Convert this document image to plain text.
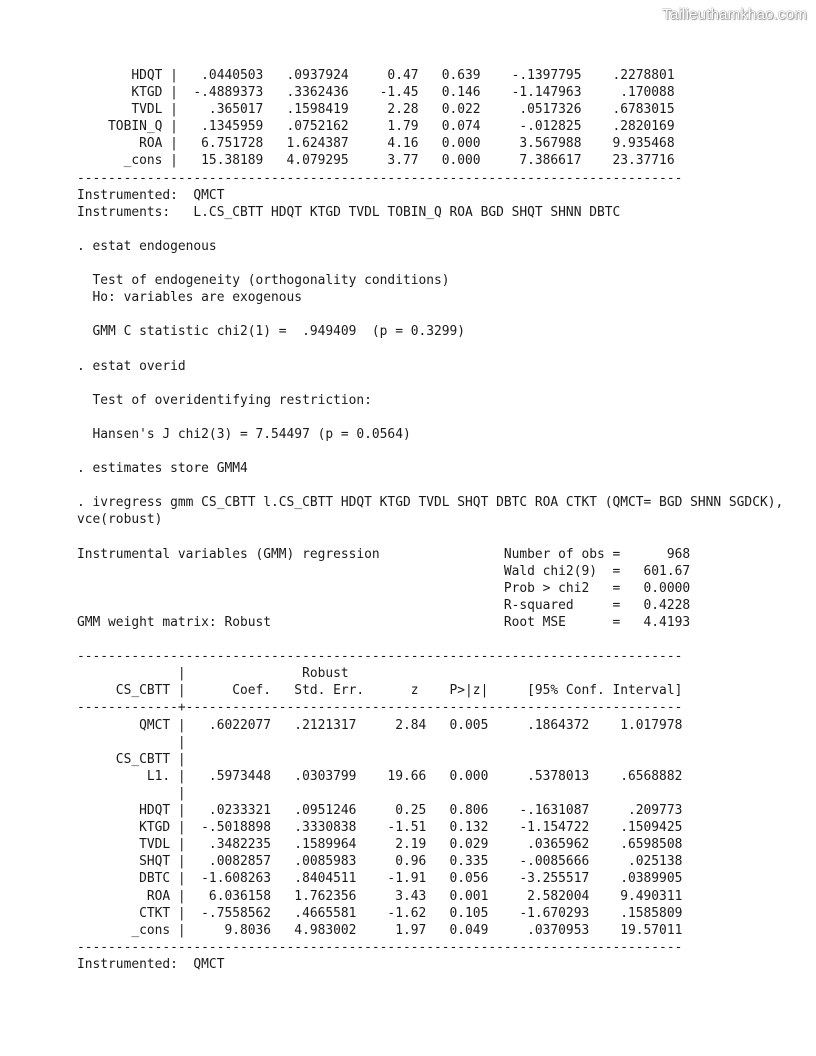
Tailieuthamkhao.com
HDQT |   .0440503   .0937924     0.47   0.639    -.1397795    .2278801
KTGD |  -.4889373   .3362436    -1.45   0.146    -1.147963     .170088
TVDL |    .365017   .1598419     2.28   0.022     .0517326    .6783015
TOBIN_Q |   .1345959   .0752162     1.79   0.074     -.012825    .2820169
ROA |   6.751728   1.624387     4.16   0.000     3.567988    9.935468
_cons |   15.38189   4.079295     3.77   0.000     7.386617    23.37716
------------------------------------------------------------------------------
Instrumented:  QMCT
Instruments:   L.CS_CBTT HDQT KTGD TVDL TOBIN_Q ROA BGD SHQT SHNN DBTC
. estat endogenous
Test of endogeneity (orthogonality conditions)
Ho: variables are exogenous
GMM C statistic chi2(1) =  .949409  (p = 0.3299)
. estat overid
Test of overidentifying restriction:
Hansen's J chi2(3) = 7.54497 (p = 0.0564)
. estimates store GMM4
. ivregress gmm CS_CBTT l.CS_CBTT HDQT KTGD TVDL SHQT DBTC ROA CTKT (QMCT= BGD SHNN SGDCK),
vce(robust)
Instrumental variables (GMM) regression                Number of obs =      968
Wald chi2(9)  =   601.67
Prob > chi2   =   0.0000
R-squared     =   0.4228
GMM weight matrix: Robust                              Root MSE      =   4.4193
------------------------------------------------------------------------------
|               Robust
CS_CBTT |      Coef.   Std. Err.      z    P>|z|     [95% Conf. Interval]
-------------+----------------------------------------------------------------
QMCT |   .6022077   .2121317     2.84   0.005     .1864372    1.017978
|
CS_CBTT |
L1. |   .5973448   .0303799    19.66   0.000     .5378013    .6568882
|
HDQT |   .0233321   .0951246     0.25   0.806    -.1631087     .209773
KTGD |  -.5018898   .3330838    -1.51   0.132    -1.154722    .1509425
TVDL |   .3482235   .1589964     2.19   0.029     .0365962    .6598508
SHQT |   .0082857   .0085983     0.96   0.335    -.0085666     .025138
DBTC |  -1.608263   .8404511    -1.91   0.056    -3.255517    .0389905
ROA |   6.036158   1.762356     3.43   0.001     2.582004    9.490311
CTKT |  -.7558562   .4665581    -1.62   0.105    -1.670293    .1585809
_cons |     9.8036   4.983002     1.97   0.049     .0370953    19.57011
------------------------------------------------------------------------------
Instrumented:  QMCT
